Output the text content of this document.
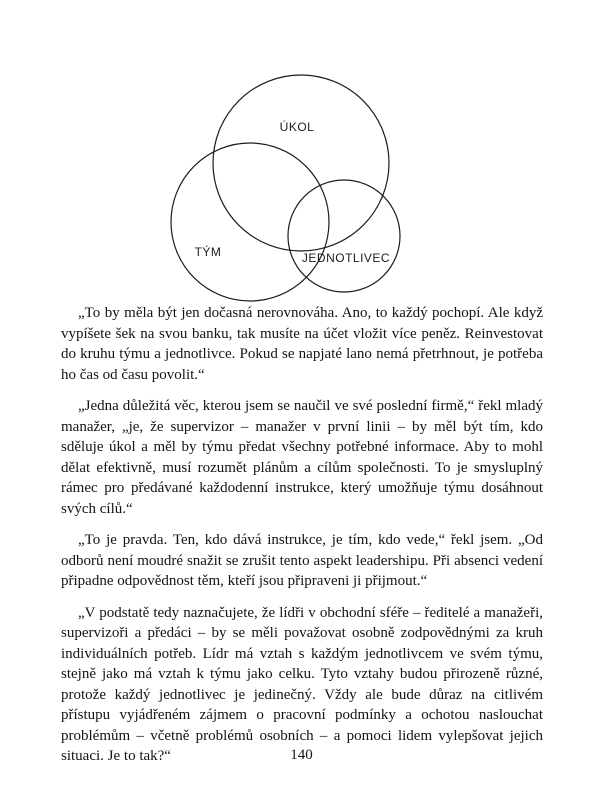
ÚKOL
TÝM	JEDNOTLIVEC

„To by měla být jen dočasná nerovnováha. Ano, to každý pochopí. Ale když vypíšete šek na svou banku, tak musíte na účet vložit více peněz. Reinvestovat do kruhu týmu a jednotlivce. Pokud se napjaté lano nemá přetrhnout, je potřeba ho čas od času povolit.“

„Jedna důležitá věc, kterou jsem se naučil ve své poslední firmě,“ řekl mladý manažer, „je, že supervizor – manažer v první linii – by měl být tím, kdo sděluje úkol a měl by týmu předat všechny potřebné informace. Aby to mohl dělat efektivně, musí rozumět plánům a cílům společnosti. To je smysluplný rámec pro předávané každodenní instrukce, který umožňuje týmu dosáhnout svých cílů.“

„To je pravda. Ten, kdo dává instrukce, je tím, kdo vede,“ řekl jsem. „Od odborů není moudré snažit se zrušit tento aspekt leadershipu. Při absenci vedení připadne odpovědnost těm, kteří jsou připraveni ji přijmout.“

„V podstatě tedy naznačujete, že lídři v obchodní sféře – ředitelé a manažeři, supervizoři a předáci – by se měli považovat osobně zodpovědnými za kruh individuálních potřeb. Lídr má vztah s každým jednotlivcem ve svém týmu, stejně jako má vztah k týmu jako celku. Tyto vztahy budou přirozeně různé, protože každý jednotlivec je jedinečný. Vždy ale bude důraz na citlivém přístupu vyjádřeném zájmem o pracovní podmínky a ochotou naslouchat problémům – včetně problémů osobních – a pomoci lidem vylepšovat jejich situaci. Je to tak?“	140
